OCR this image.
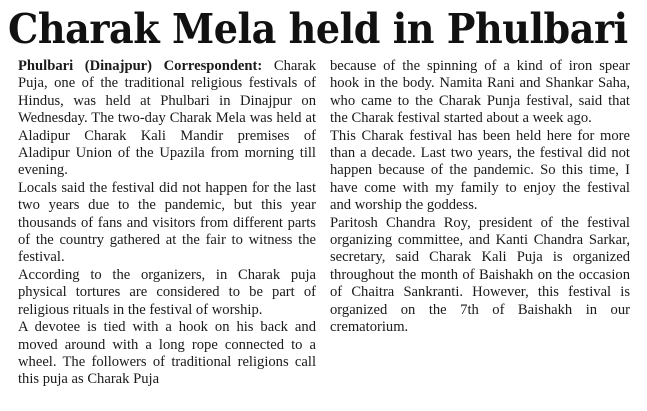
Charak Mela held in Phulbari

Phulbari (Dinajpur) Correspondent: Charak Puja, one of the traditional religious festivals of Hindus, was held at Phulbari in Dinajpur on Wednesday. The two-day Charak Mela was held at Aladipur Charak Kali Mandir premises of Aladipur Union of the Upazila from morning till evening.

Locals said the festival did not happen for the last two years due to the pandemic, but this year thousands of fans and visitors from different parts of the country gathered at the fair to witness the festival.

According to the organizers, in Charak puja physical tortures are considered to be part of religious rituals in the festival of worship.

A devotee is tied with a hook on his back and moved around with a long rope connected to a wheel. The followers of traditional religions call this puja as Charak Puja

because of the spinning of a kind of iron spear hook in the body. Namita Rani and Shankar Saha, who came to the Charak Punja festival, said that the Charak festival started about a week ago.

This Charak festival has been held here for more than a decade. Last two years, the festival did not happen because of the pandemic. So this time, I have come with my family to enjoy the festival and worship the goddess.

Paritosh Chandra Roy, president of the festival organizing committee, and Kanti Chandra Sarkar, secretary, said Charak Kali Puja is organized throughout the month of Baishakh on the occasion of Chaitra Sankranti. However, this festival is organized on the 7th of Baishakh in our crematorium.
